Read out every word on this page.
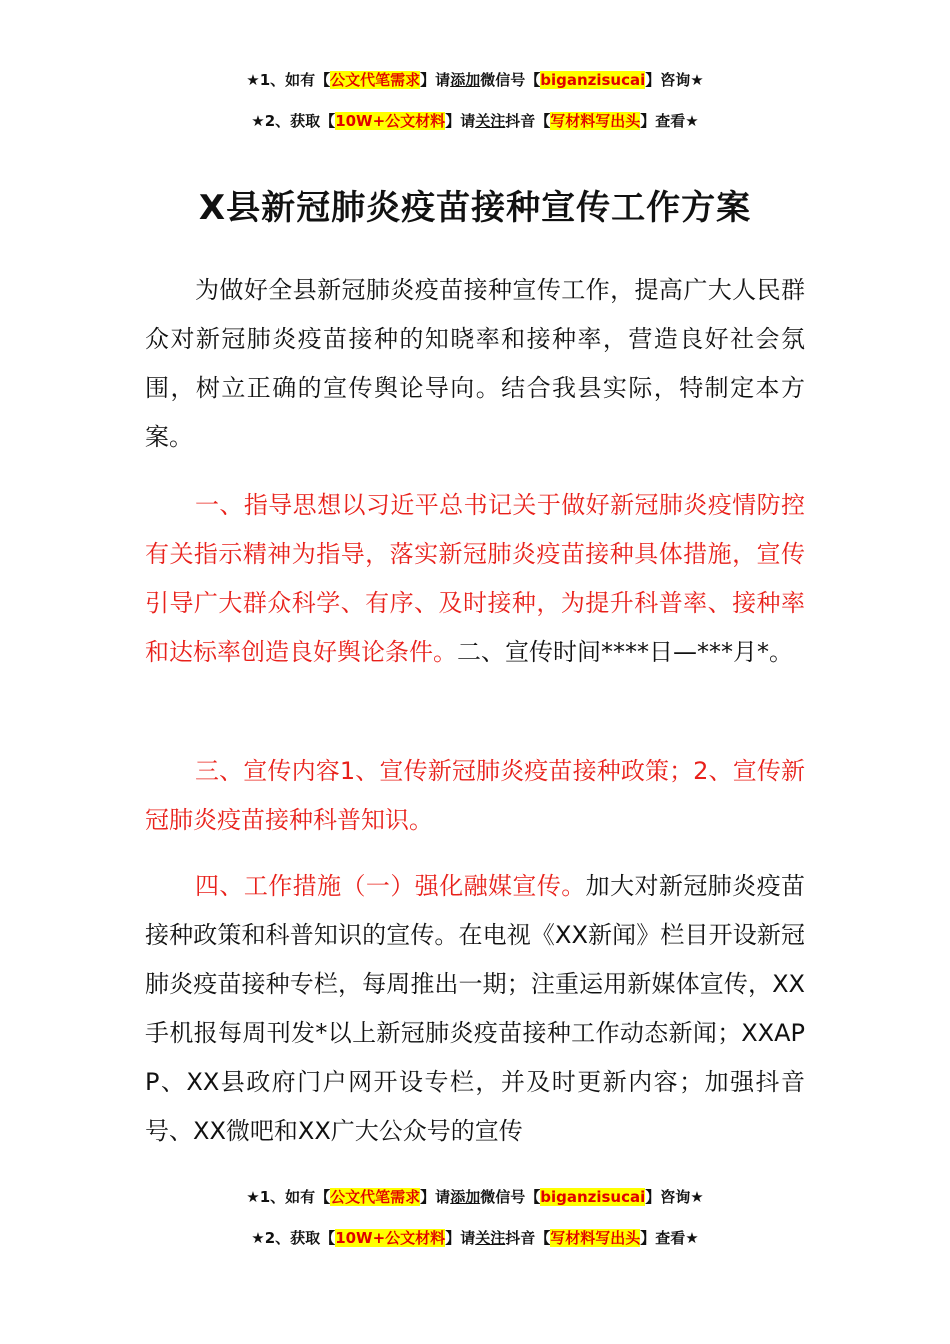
★1、如有【公文代笔需求】请添加微信号【biganzisucai】咨询★
★2、获取【10W+公文材料】请关注抖音【写材料写出头】查看★
X县新冠肺炎疫苗接种宣传工作方案

为做好全县新冠肺炎疫苗接种宣传工作，提高广大人民群众对新冠肺炎疫苗接种的知晓率和接种率，营造良好社会氛围，树立正确的宣传舆论导向。结合我县实际，特制定本方案。

一、指导思想以习近平总书记关于做好新冠肺炎疫情防控有关指示精神为指导，落实新冠肺炎疫苗接种具体措施，宣传引导广大群众科学、有序、及时接种，为提升科普率、接种率和达标率创造良好舆论条件。二、宣传时间****日—***月*。

三、宣传内容1、宣传新冠肺炎疫苗接种政策；2、宣传新冠肺炎疫苗接种科普知识。

四、工作措施（一）强化融媒宣传。加大对新冠肺炎疫苗接种政策和科普知识的宣传。在电视《XX新闻》栏目开设新冠肺炎疫苗接种专栏，每周推出一期；注重运用新媒体宣传，XX手机报每周刊发*以上新冠肺炎疫苗接种工作动态新闻；XXAPP、XX县政府门户网开设专栏，并及时更新内容；加强抖音号、XX微吧和XX广大公众号的宣传

★1、如有【公文代笔需求】请添加微信号【biganzisucai】咨询★
★2、获取【10W+公文材料】请关注抖音【写材料写出头】查看★
